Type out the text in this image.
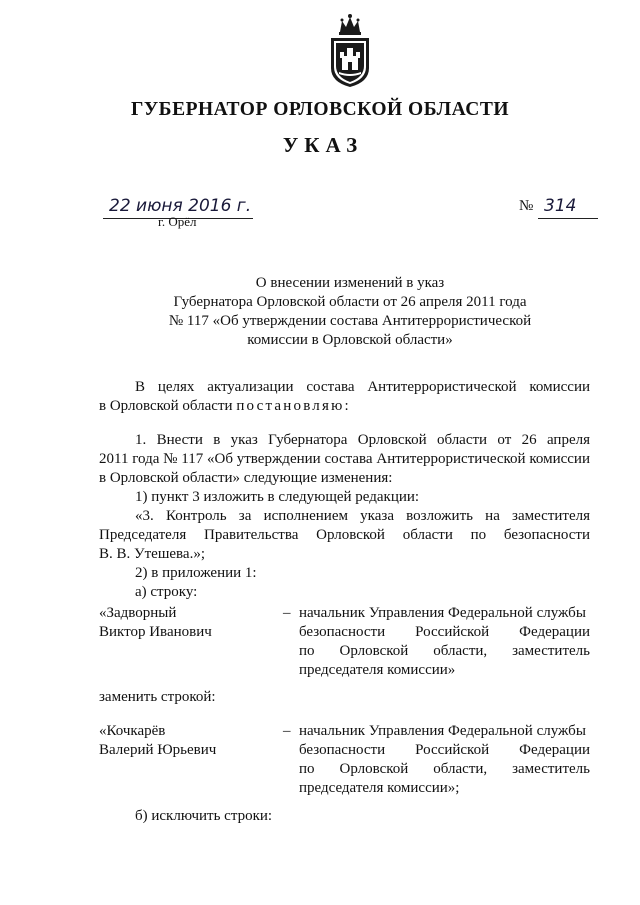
ГУБЕРНАТОР ОРЛОВСКОЙ ОБЛАСТИ
УКАЗ
22 июня 2016 г.
г. Орёл
№ 314
О внесении изменений в указ
Губернатора Орловской области от 26 апреля 2011 года
№ 117 «Об утверждении состава Антитеррористической
комиссии в Орловской области»
В целях актуализации состава Антитеррористической комиссии
в Орловской области постановляю:
1. Внести в указ Губернатора Орловской области от 26 апреля
2011 года № 117 «Об утверждении состава Антитеррористической комиссии
в Орловской области» следующие изменения:
1) пункт 3 изложить в следующей редакции:
«3. Контроль за исполнением указа возложить на заместителя
Председателя Правительства Орловской области по безопасности
В. В. Утешева.»;
2) в приложении 1:
а) строку:
«Задворный
Виктор Иванович
– начальник Управления Федеральной службы
безопасности Российской Федерации
по Орловской области, заместитель
председателя комиссии»
заменить строкой:
«Кочкарёв
Валерий Юрьевич
– начальник Управления Федеральной службы
безопасности Российской Федерации
по Орловской области, заместитель
председателя комиссии»;
б) исключить строки:
